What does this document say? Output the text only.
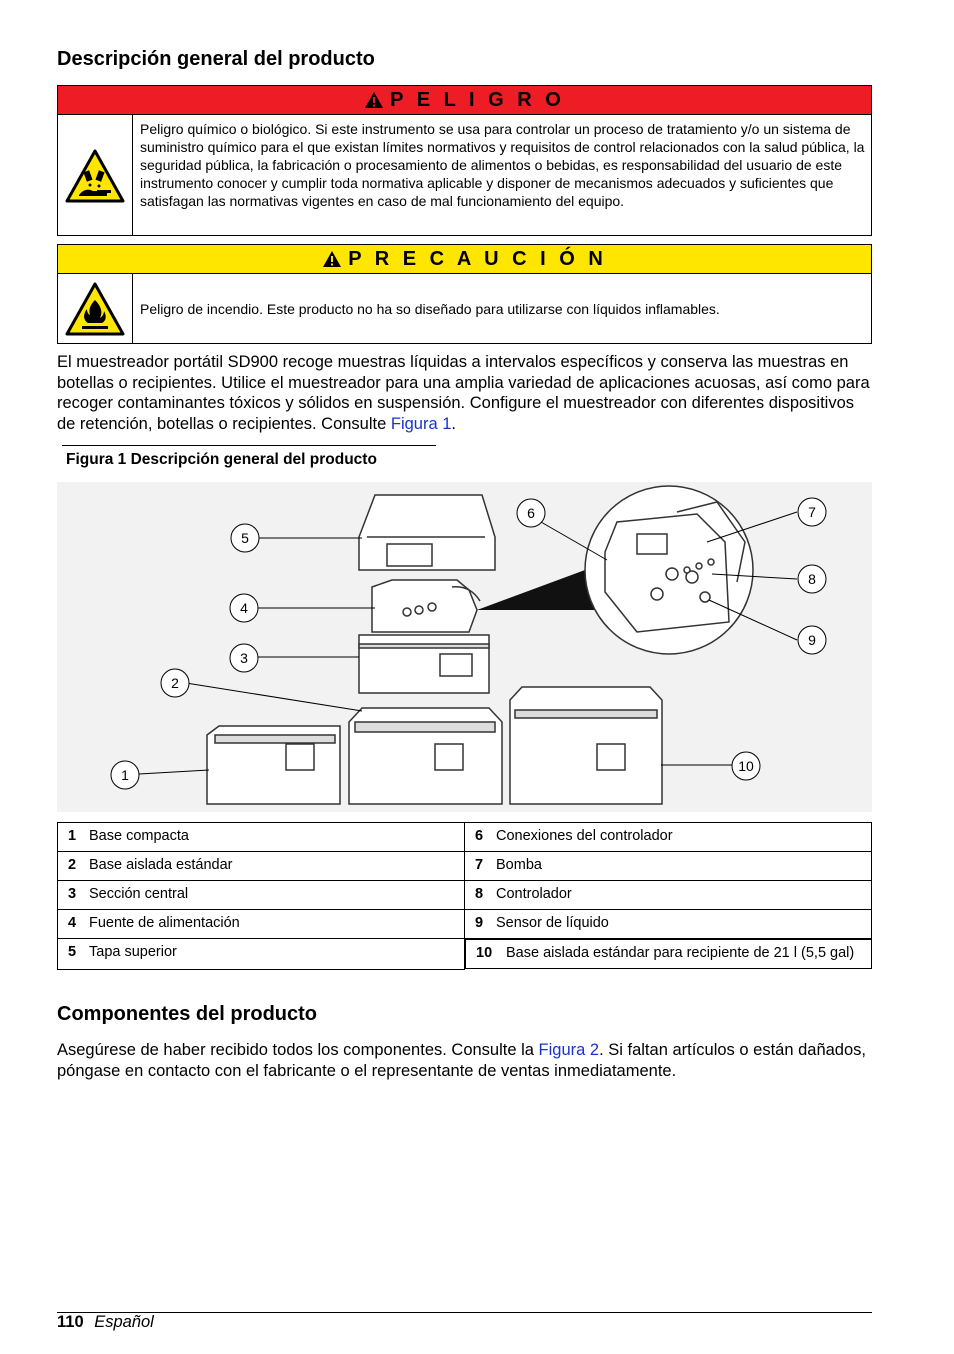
Descripción general del producto
P E L I G R O
Peligro químico o biológico. Si este instrumento se usa para controlar un proceso de tratamiento y/o un sistema de suministro químico para el que existan límites normativos y requisitos de control relacionados con la salud pública, la seguridad pública, la fabricación o procesamiento de alimentos o bebidas, es responsabilidad del usuario de este instrumento conocer y cumplir toda normativa aplicable y disponer de mecanismos adecuados y suficientes que satisfagan las normativas vigentes en caso de mal funcionamiento del equipo.
P R E C A U C I Ó N
Peligro de incendio. Este producto no ha so diseñado para utilizarse con líquidos inflamables.

El muestreador portátil SD900 recoge muestras líquidas a intervalos específicos y conserva las muestras en botellas o recipientes. Utilice el muestreador para una amplia variedad de aplicaciones acuosas, así como para recoger contaminantes tóxicos y sólidos en suspensión. Configure el muestreador con diferentes dispositivos de retención, botellas o recipientes. Consulte Figura 1.

Figura 1 Descripción general del producto
1
2
3
4
5
6	7
8
9
10
1 Base compacta	6 Conexiones del controlador
2 Base aislada estándar	7 Bomba
3 Sección central	8 Controlador
4 Fuente de alimentación	9 Sensor de líquido
5 Tapa superior		10 Base aislada estándar para recipiente de 21 l (5,5 gal)
Componentes del producto

Asegúrese de haber recibido todos los componentes. Consulte la Figura 2. Si faltan artículos o están dañados, póngase en contacto con el fabricante o el representante de ventas inmediatamente.

110 Español
